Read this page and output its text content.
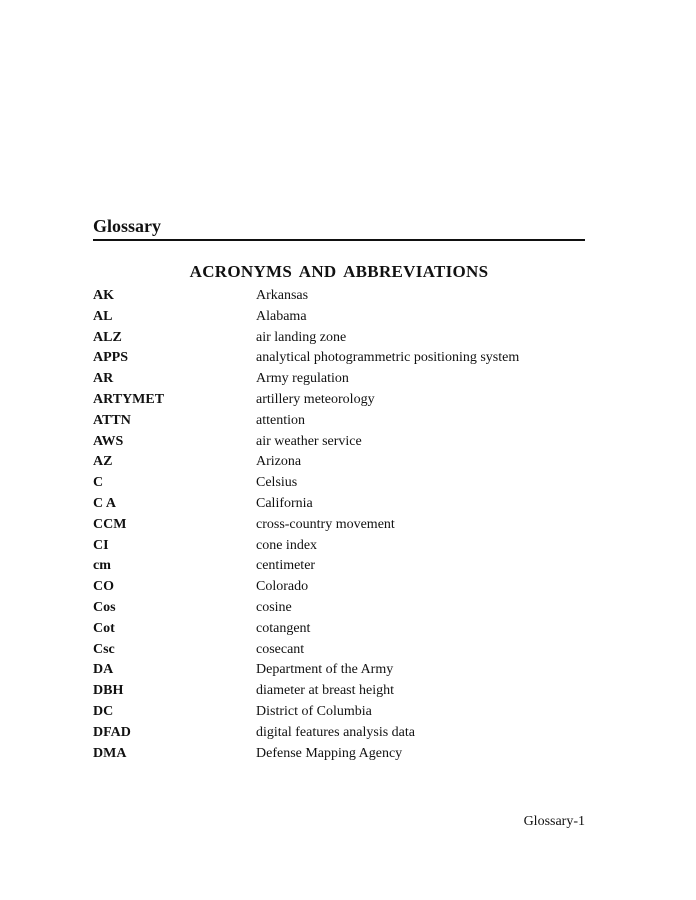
Glossary
ACRONYMS AND ABBREVIATIONS
AK	Arkansas
AL	Alabama
ALZ	air landing zone
APPS	analytical photogrammetric positioning system
AR	Army regulation
ARTYMET	artillery meteorology
ATTN	attention
AWS	air weather service
AZ	Arizona
C	Celsius
C A	California
CCM	cross-country movement
CI	cone index
cm	centimeter
CO	Colorado
Cos	cosine
Cot	cotangent
Csc	cosecant
DA	Department of the Army
DBH	diameter at breast height
DC	District of Columbia
DFAD	digital features analysis data
DMA	Defense Mapping Agency
Glossary-1
